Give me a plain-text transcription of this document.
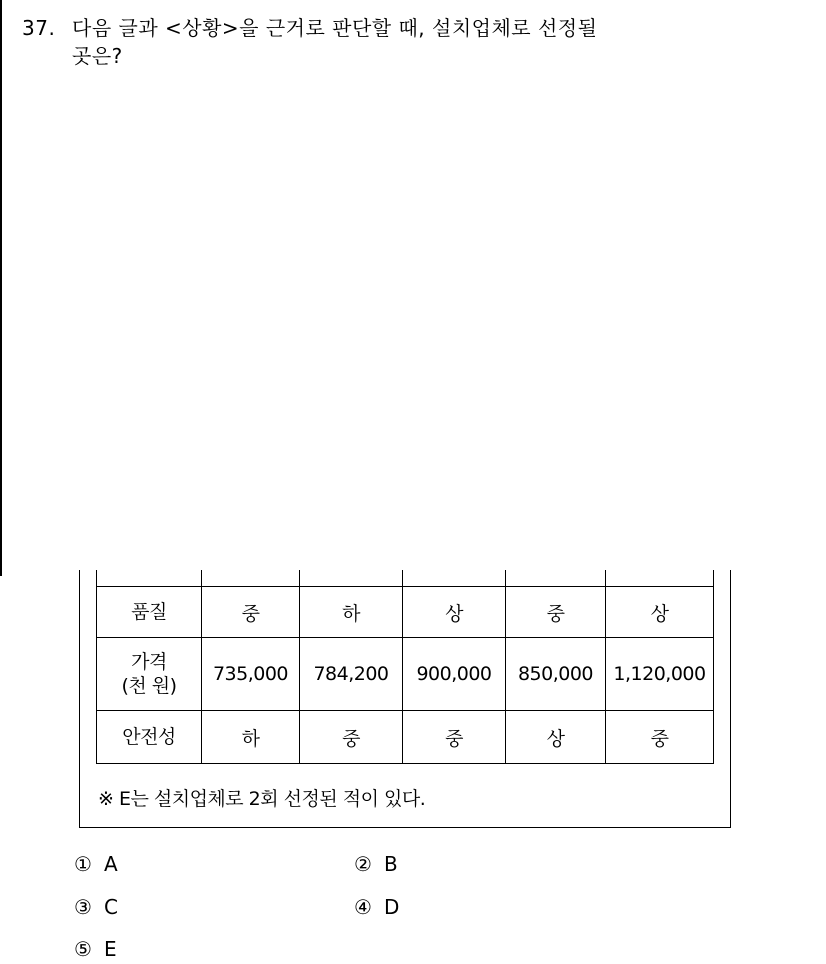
37. 다음 글과 <상황>을 근거로 판단할 때, 설치업체로 선정될
곳은?

품질	중	하	상	중	상

가격
(천 원)	735,000	784,200	900,000	850,000	1,120,000
안전성	하	중	중	상	중
※ E는 설치업체로 2회 선정된 적이 있다.
① A	② B
③ C	④ D
⑤ E
